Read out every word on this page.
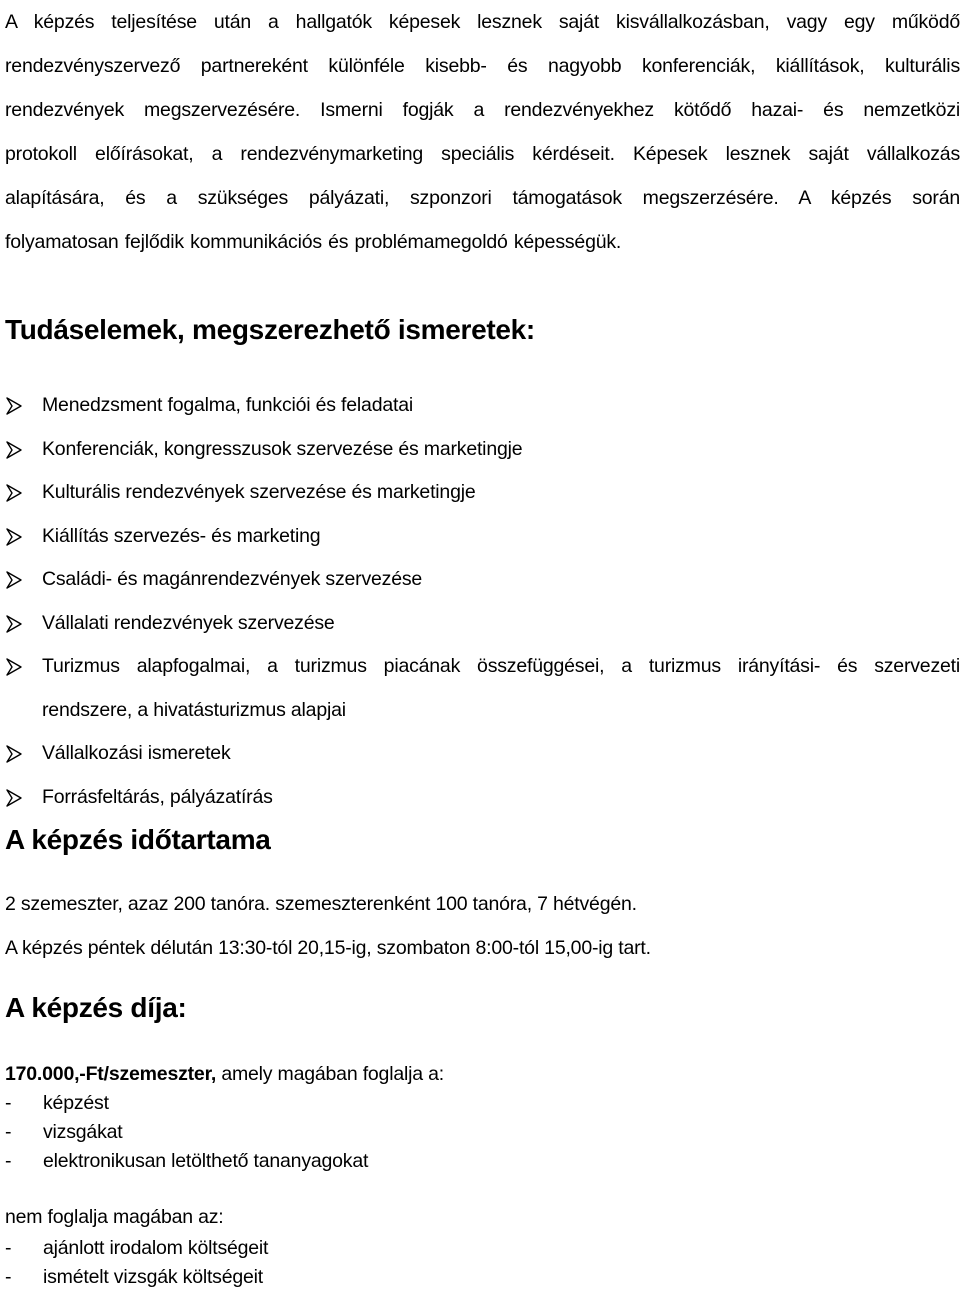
A képzés teljesítése után a hallgatók képesek lesznek saját kisvállalkozásban, vagy egy működő
rendezvényszervező partnereként különféle kisebb- és nagyobb konferenciák, kiállítások, kulturális
rendezvények megszervezésére. Ismerni fogják a rendezvényekhez kötődő hazai- és nemzetközi
protokoll előírásokat, a rendezvénymarketing speciális kérdéseit. Képesek lesznek saját vállalkozás
alapítására, és a szükséges pályázati, szponzori támogatások megszerzésére. A képzés során
folyamatosan fejlődik kommunikációs és problémamegoldó képességük.

Tudáselemek, megszerezhető ismeretek:
Menedzsment fogalma, funkciói és feladatai
Konferenciák, kongresszusok szervezése és marketingje
Kulturális rendezvények szervezése és marketingje
Kiállítás szervezés- és marketing
Családi- és magánrendezvények szervezése
Vállalati rendezvények szervezése
Turizmus alapfogalmai, a turizmus piacának összefüggései, a turizmus irányítási- és szervezeti
rendszere, a hivatásturizmus alapjai
Vállalkozási ismeretek
Forrásfeltárás, pályázatírás
A képzés időtartama

2 szemeszter, azaz 200 tanóra. szemeszterenként 100 tanóra, 7 hétvégén.

A képzés péntek délután 13:30-tól 20,15-ig, szombaton 8:00-tól 15,00-ig tart.

A képzés díja:

170.000,-Ft/szemeszter, amely magában foglalja a:

- képzést
- vizsgákat
- elektronikusan letölthető tananyagokat

nem foglalja magában az:

- ajánlott irodalom költségeit
- ismételt vizsgák költségeit
